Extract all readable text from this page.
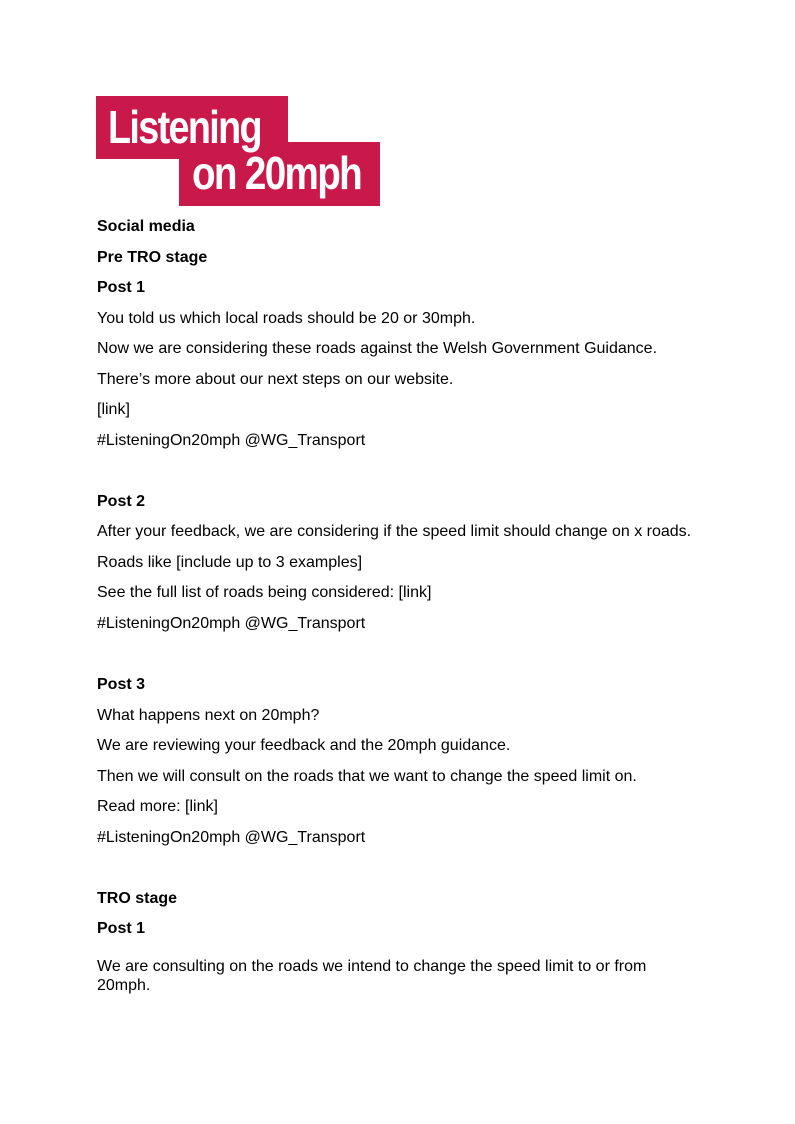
Listening
on 20mph
Social media
Pre TRO stage
Post 1
You told us which local roads should be 20 or 30mph.
Now we are considering these roads against the Welsh Government Guidance.
There’s more about our next steps on our website.
[link]
#ListeningOn20mph @WG_Transport
Post 2
After your feedback, we are considering if the speed limit should change on x roads.
Roads like [include up to 3 examples]
See the full list of roads being considered: [link]
#ListeningOn20mph @WG_Transport
Post 3
What happens next on 20mph?
We are reviewing your feedback and the 20mph guidance.
Then we will consult on the roads that we want to change the speed limit on.
Read more: [link]
#ListeningOn20mph @WG_Transport
TRO stage
Post 1
We are consulting on the roads we intend to change the speed limit to or from 20mph.
